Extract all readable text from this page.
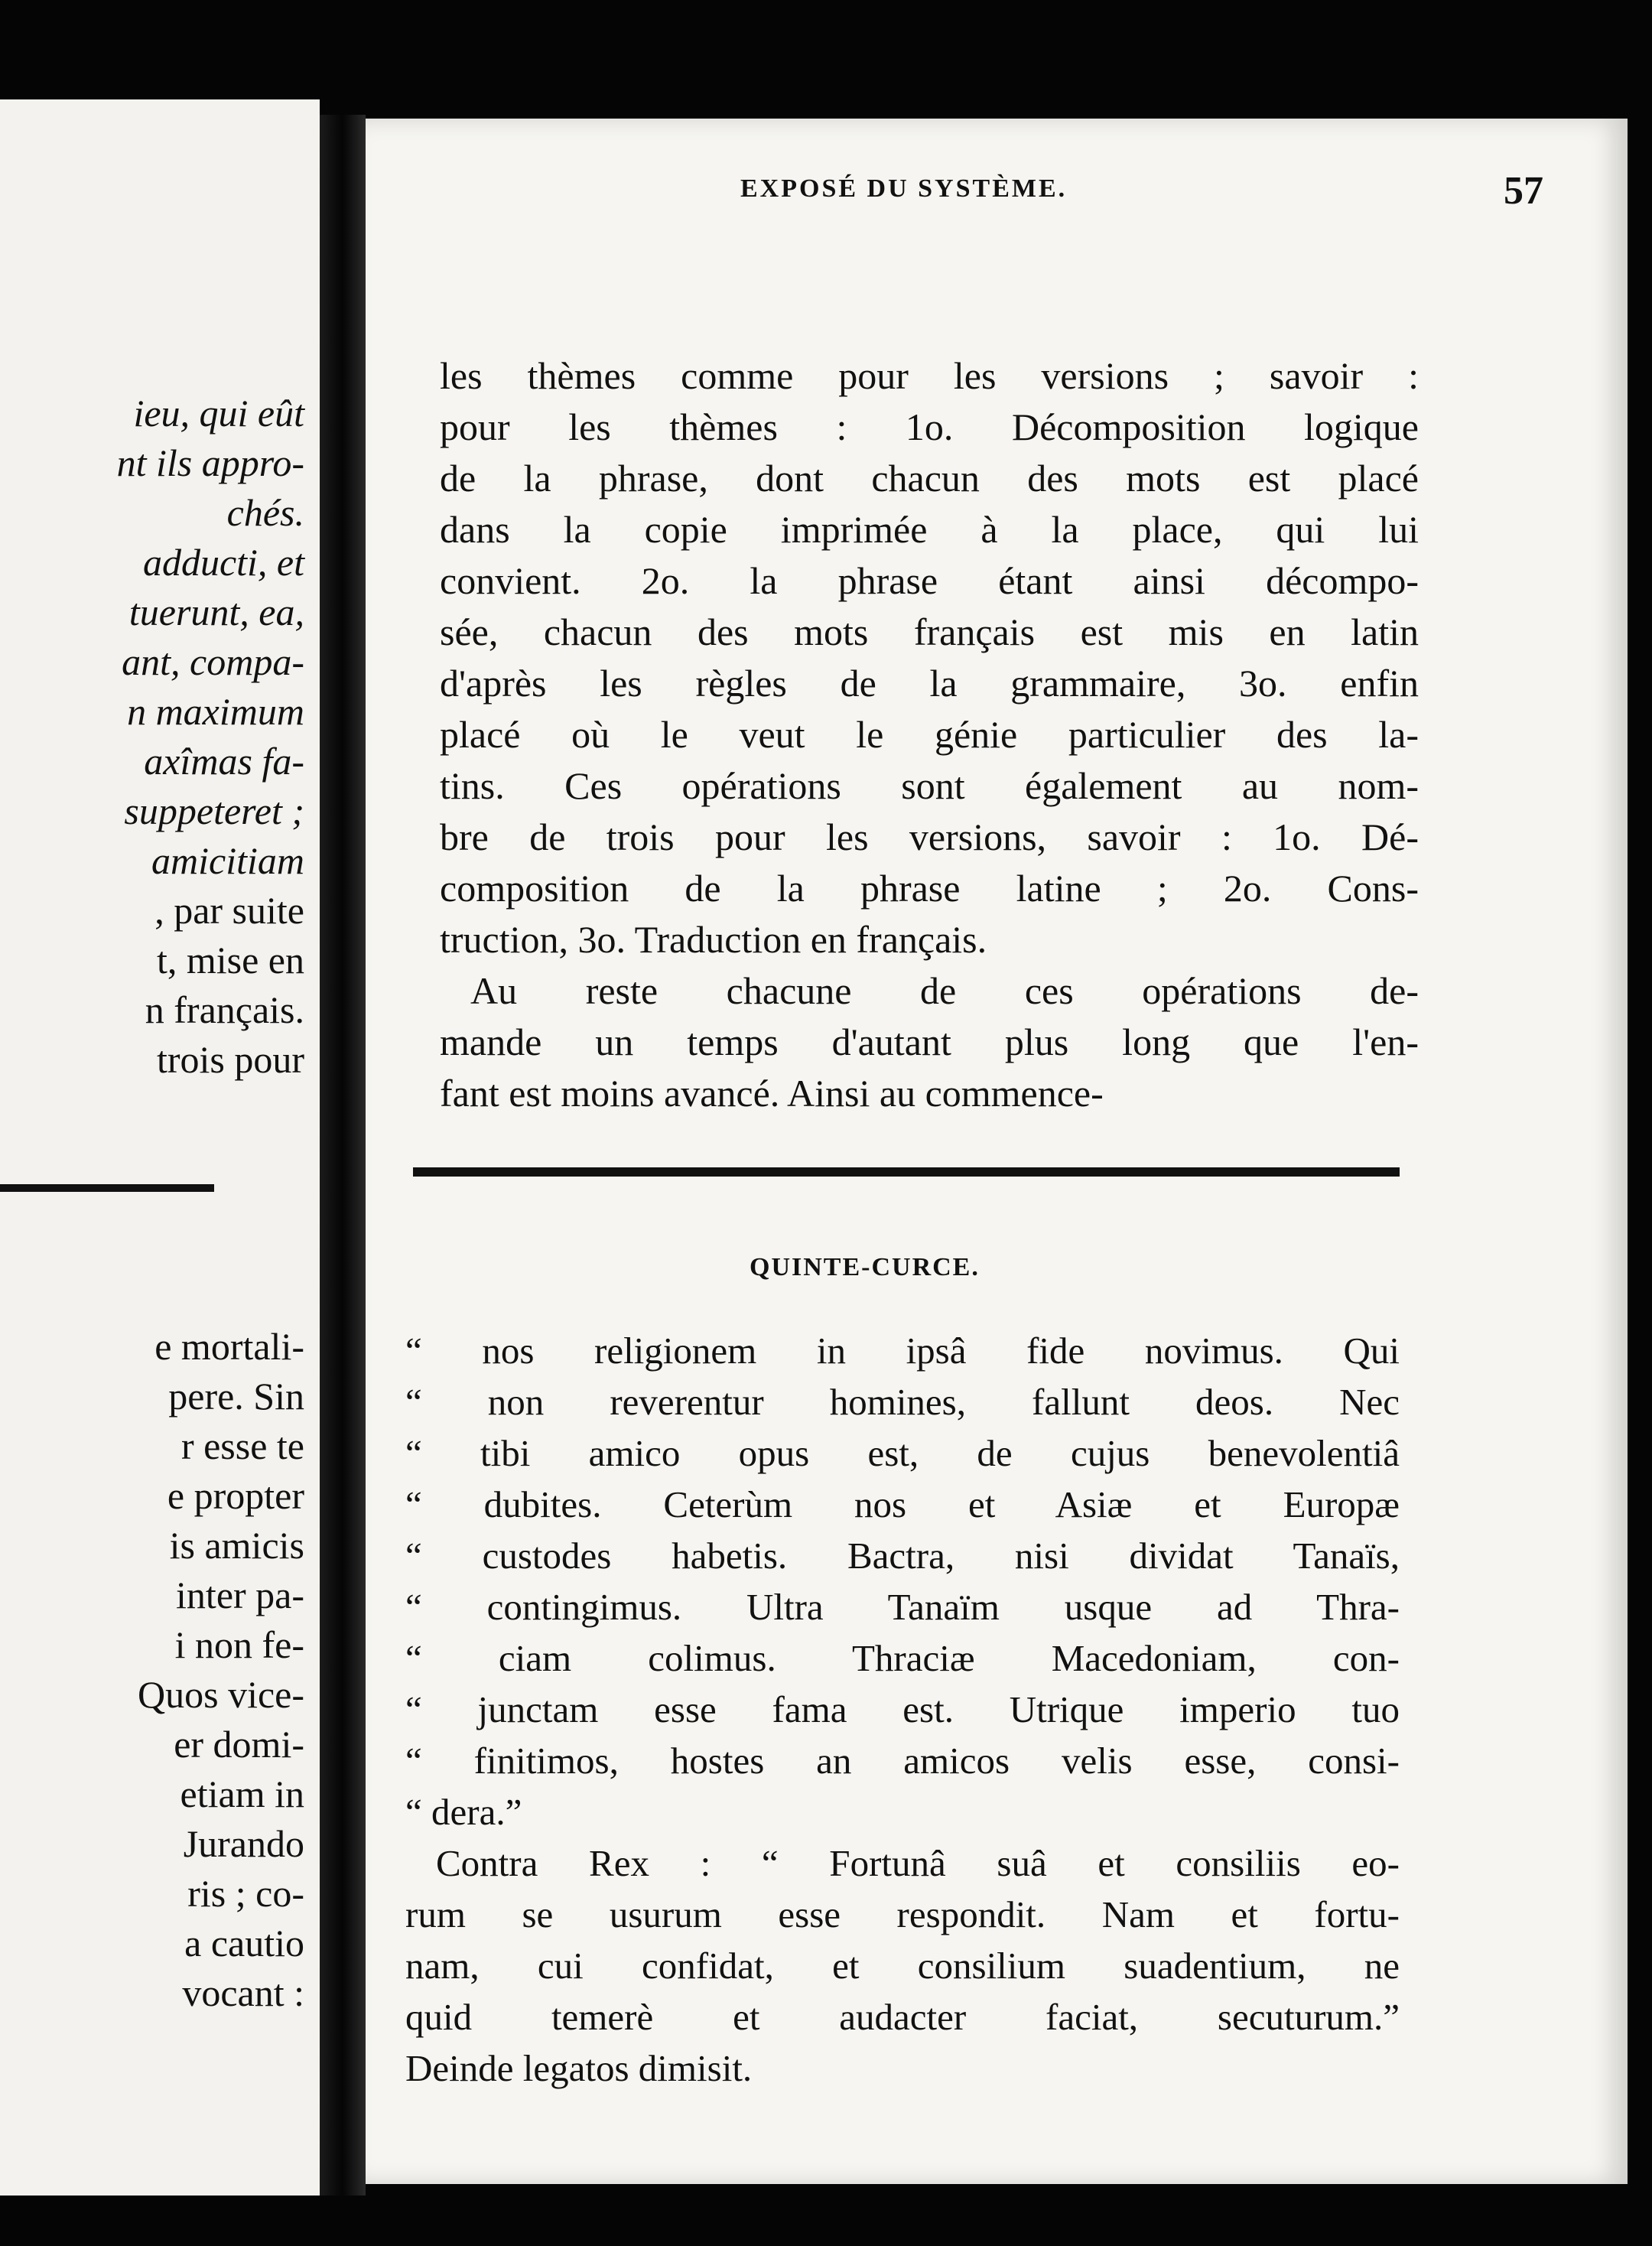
ieu, qui eût
nt ils appro-
chés.
adducti, et
tuerunt, ea,
ant, compa-
n maximum
axîmas fa-
suppeteret ;
amicitiam
, par suite
t, mise en
n français.
trois pour
e mortali-
pere. Sin
r esse te
e propter
is amicis
inter pa-
i non fe-
Quos vice-
er domi-
etiam in
Jurando
ris ; co-
a cautio
vocant :
EXPOSÉ DU SYSTÈME.	57
les thèmes comme pour les versions ; savoir :
pour les thèmes : 1o. Décomposition logique
de la phrase, dont chacun des mots est placé
dans la copie imprimée à la place, qui lui
convient. 2o. la phrase étant ainsi décompo-
sée, chacun des mots français est mis en latin
d'après les règles de la grammaire, 3o. enfin
placé où le veut le génie particulier des la-
tins. Ces opérations sont également au nom-
bre de trois pour les versions, savoir : 1o. Dé-
composition de la phrase latine ; 2o. Cons-
truction, 3o. Traduction en français.
Au reste chacune de ces opérations de-
mande un temps d'autant plus long que l'en-
fant est moins avancé. Ainsi au commence-
QUINTE-CURCE.
“ nos religionem in ipsâ fide novimus. Qui
“ non reverentur homines, fallunt deos. Nec
“ tibi amico opus est, de cujus benevolentiâ
“ dubites. Ceterùm nos et Asiæ et Europæ
“ custodes habetis. Bactra, nisi dividat Tanaïs,
“ contingimus. Ultra Tanaïm usque ad Thra-
“ ciam colimus. Thraciæ Macedoniam, con-
“ junctam esse fama est. Utrique imperio tuo
“ finitimos, hostes an amicos velis esse, consi-
“ dera.”
Contra Rex : “ Fortunâ suâ et consiliis eo-
rum se usurum esse respondit. Nam et fortu-
nam, cui confidat, et consilium suadentium, ne
quid temerè et audacter faciat, secuturum.”
Deinde legatos dimisit.
